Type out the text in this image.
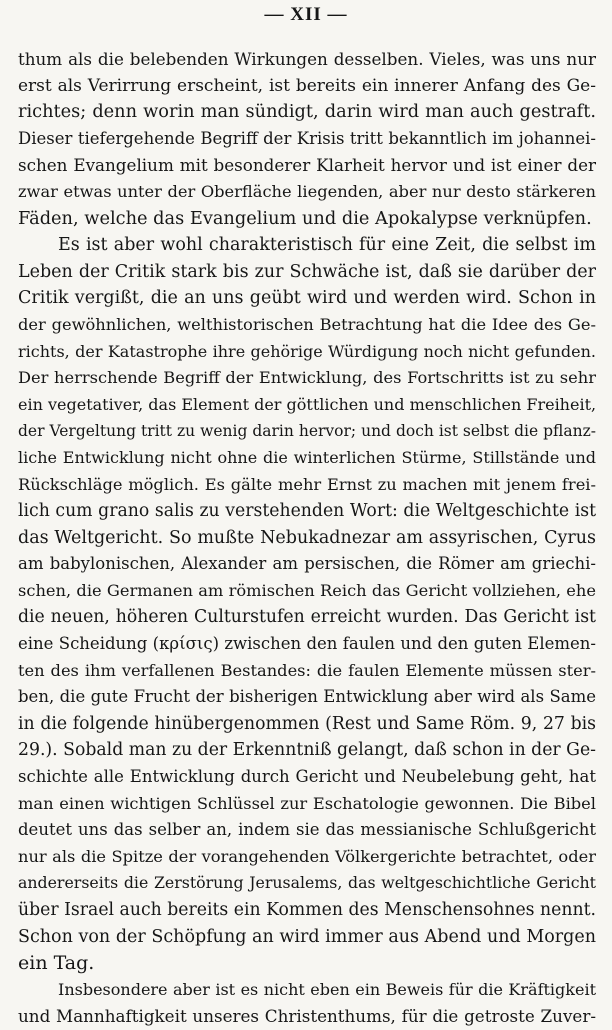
— XII —
thum als die belebenden Wirkungen desselben. Vieles, was uns nur
erst als Verirrung erscheint, ist bereits ein innerer Anfang des Ge-
richtes; denn worin man sündigt, darin wird man auch gestraft.
Dieser tiefergehende Begriff der Krisis tritt bekanntlich im johannei-
schen Evangelium mit besonderer Klarheit hervor und ist einer der
zwar etwas unter der Oberfläche liegenden, aber nur desto stärkeren
Fäden, welche das Evangelium und die Apokalypse verknüpfen.
Es ist aber wohl charakteristisch für eine Zeit, die selbst im
Leben der Critik stark bis zur Schwäche ist, daß sie darüber der
Critik vergißt, die an uns geübt wird und werden wird. Schon in
der gewöhnlichen, welthistorischen Betrachtung hat die Idee des Ge-
richts, der Katastrophe ihre gehörige Würdigung noch nicht gefunden.
Der herrschende Begriff der Entwicklung, des Fortschritts ist zu sehr
ein vegetativer, das Element der göttlichen und menschlichen Freiheit,
der Vergeltung tritt zu wenig darin hervor; und doch ist selbst die pflanz-
liche Entwicklung nicht ohne die winterlichen Stürme, Stillstände und
Rückschläge möglich. Es gälte mehr Ernst zu machen mit jenem frei-
lich cum grano salis zu verstehenden Wort: die Weltgeschichte ist
das Weltgericht. So mußte Nebukadnezar am assyrischen, Cyrus
am babylonischen, Alexander am persischen, die Römer am griechi-
schen, die Germanen am römischen Reich das Gericht vollziehen, ehe
die neuen, höheren Culturstufen erreicht wurden. Das Gericht ist
eine Scheidung (κρίσις) zwischen den faulen und den guten Elemen-
ten des ihm verfallenen Bestandes: die faulen Elemente müssen ster-
ben, die gute Frucht der bisherigen Entwicklung aber wird als Same
in die folgende hinübergenommen (Rest und Same Röm. 9, 27 bis
29.). Sobald man zu der Erkenntniß gelangt, daß schon in der Ge-
schichte alle Entwicklung durch Gericht und Neubelebung geht, hat
man einen wichtigen Schlüssel zur Eschatologie gewonnen. Die Bibel
deutet uns das selber an, indem sie das messianische Schlußgericht
nur als die Spitze der vorangehenden Völkergerichte betrachtet, oder
andererseits die Zerstörung Jerusalems, das weltgeschichtliche Gericht
über Israel auch bereits ein Kommen des Menschensohnes nennt.
Schon von der Schöpfung an wird immer aus Abend und Morgen
ein Tag.
Insbesondere aber ist es nicht eben ein Beweis für die Kräftigkeit
und Mannhaftigkeit unseres Christenthums, für die getroste Zuver-
